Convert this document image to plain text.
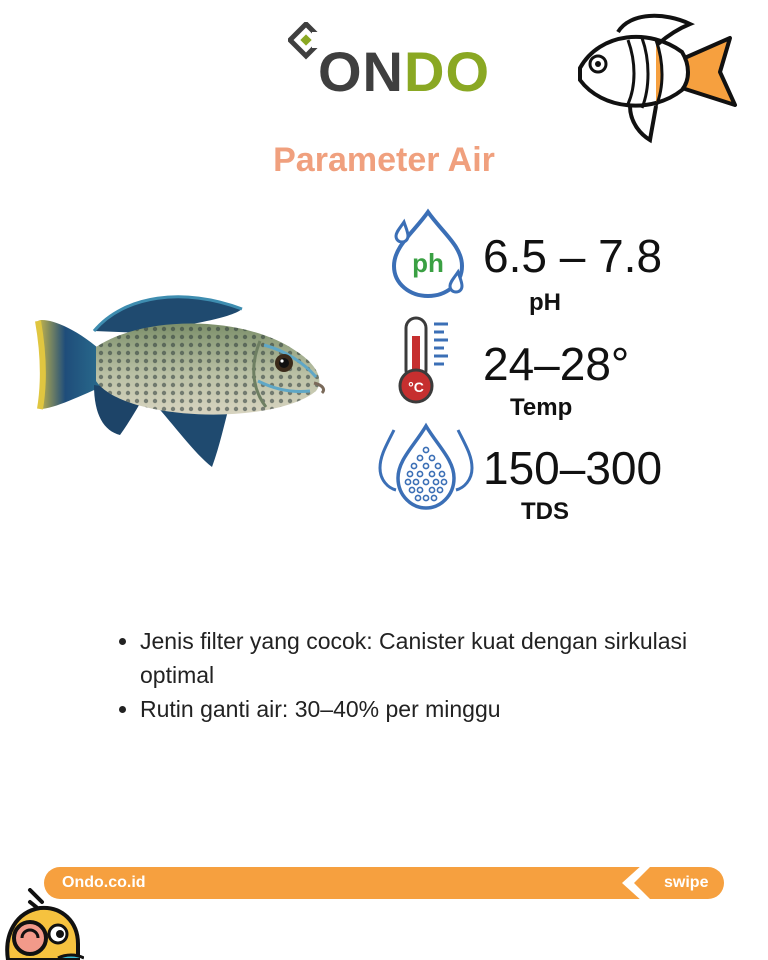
ONDO
Parameter Air
ph 6.5 – 7.8
pH
°C 24–28°
Temp
150–300
TDS
• Jenis filter yang cocok: Canister kuat dengan sirkulasi optimal
• Rutin ganti air: 30–40% per minggu
Ondo.co.id	swipe
